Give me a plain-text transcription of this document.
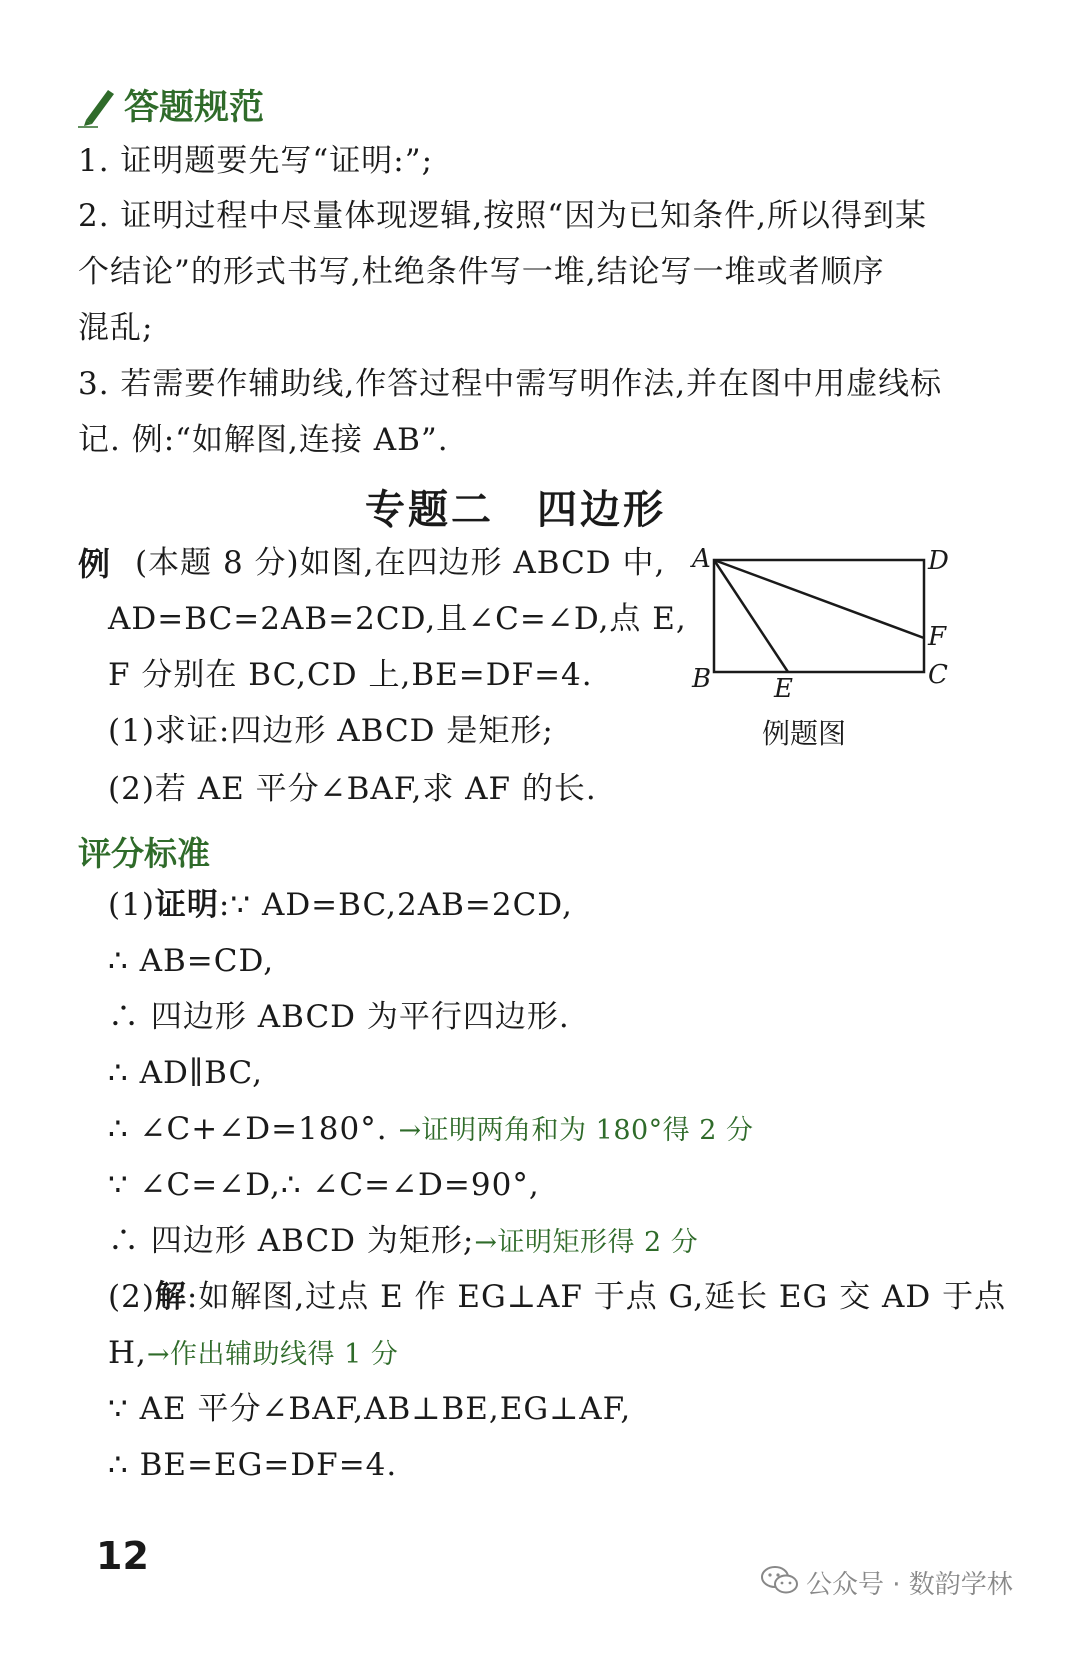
答题规范
1. 证明题要先写“证明:”;
2. 证明过程中尽量体现逻辑,按照“因为已知条件,所以得到某
个结论”的形式书写,杜绝条件写一堆,结论写一堆或者顺序
混乱;
3. 若需要作辅助线,作答过程中需写明作法,并在图中用虚线标
记. 例:“如解图,连接 AB”.
专题二　四边形
例 (本题 8 分)如图,在四边形 ABCD 中,
AD=BC=2AB=2CD,且∠C=∠D,点 E,
F 分别在 BC,CD 上,BE=DF=4.
(1)求证:四边形 ABCD 是矩形;
(2)若 AE 平分∠BAF,求 AF 的长.
A	D
F
B	C
E
例题图
评分标准
(1)证明:∵ AD=BC,2AB=2CD,
∴ AB=CD,
∴ 四边形 ABCD 为平行四边形.
∴ AD∥BC,
∴ ∠C+∠D=180°. →证明两角和为 180°得 2 分
∵ ∠C=∠D,∴ ∠C=∠D=90°,
∴ 四边形 ABCD 为矩形;→证明矩形得 2 分
(2)解:如解图,过点 E 作 EG⊥AF 于点 G,延长 EG 交 AD 于点
H,→作出辅助线得 1 分
∵ AE 平分∠BAF,AB⊥BE,EG⊥AF,
∴ BE=EG=DF=4.
12
公众号 · 数韵学林
